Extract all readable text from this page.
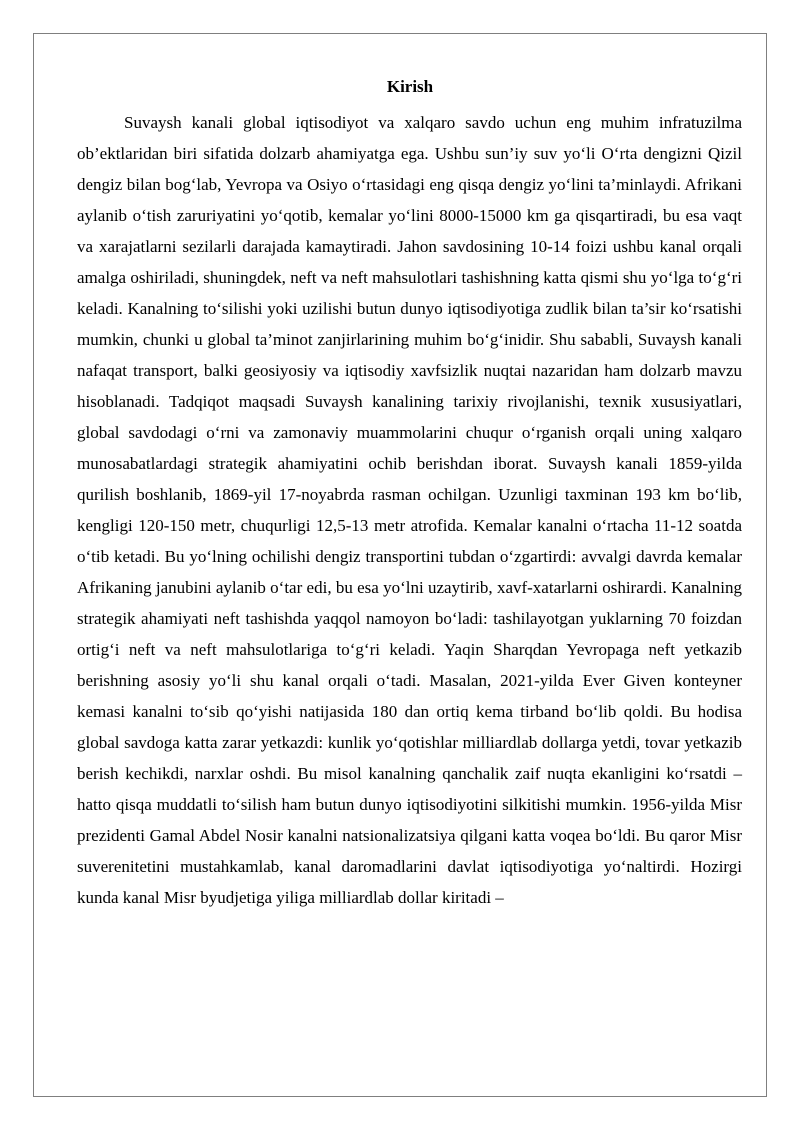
Kirish

Suvaysh kanali global iqtisodiyot va xalqaro savdo uchun eng muhim infratuzilma ob’ektlaridan biri sifatida dolzarb ahamiyatga ega. Ushbu sun’iy suv yo‘li O‘rta dengizni Qizil dengiz bilan bog‘lab, Yevropa va Osiyo o‘rtasidagi eng qisqa dengiz yo‘lini ta’minlaydi. Afrikani aylanib o‘tish zaruriyatini yo‘qotib, kemalar yo‘lini 8000-15000 km ga qisqartiradi, bu esa vaqt va xarajatlarni sezilarli darajada kamaytiradi. Jahon savdosining 10-14 foizi ushbu kanal orqali amalga oshiriladi, shuningdek, neft va neft mahsulotlari tashishning katta qismi shu yo‘lga to‘g‘ri keladi. Kanalning to‘silishi yoki uzilishi butun dunyo iqtisodiyotiga zudlik bilan ta’sir ko‘rsatishi mumkin, chunki u global ta’minot zanjirlarining muhim bo‘g‘inidir. Shu sababli, Suvaysh kanali nafaqat transport, balki geosiyosiy va iqtisodiy xavfsizlik nuqtai nazaridan ham dolzarb mavzu hisoblanadi. Tadqiqot maqsadi Suvaysh kanalining tarixiy rivojlanishi, texnik xususiyatlari, global savdodagi o‘rni va zamonaviy muammolarini chuqur o‘rganish orqali uning xalqaro munosabatlardagi strategik ahamiyatini ochib berishdan iborat. Suvaysh kanali 1859-yilda qurilish boshlanib, 1869-yil 17-noyabrda rasman ochilgan. Uzunligi taxminan 193 km bo‘lib, kengligi 120-150 metr, chuqurligi 12,5-13 metr atrofida. Kemalar kanalni o‘rtacha 11-12 soatda o‘tib ketadi. Bu yo‘lning ochilishi dengiz transportini tubdan o‘zgartirdi: avvalgi davrda kemalar Afrikaning janubini aylanib o‘tar edi, bu esa yo‘lni uzaytirib, xavf-xatarlarni oshirardi. Kanalning strategik ahamiyati neft tashishda yaqqol namoyon bo‘ladi: tashilayotgan yuklarning 70 foizdan ortig‘i neft va neft mahsulotlariga to‘g‘ri keladi. Yaqin Sharqdan Yevropaga neft yetkazib berishning asosiy yo‘li shu kanal orqali o‘tadi. Masalan, 2021-yilda Ever Given konteyner kemasi kanalni to‘sib qo‘yishi natijasida 180 dan ortiq kema tirband bo‘lib qoldi. Bu hodisa global savdoga katta zarar yetkazdi: kunlik yo‘qotishlar milliardlab dollarga yetdi, tovar yetkazib berish kechikdi, narxlar oshdi. Bu misol kanalning qanchalik zaif nuqta ekanligini ko‘rsatdi – hatto qisqa muddatli to‘silish ham butun dunyo iqtisodiyotini silkitishi mumkin. 1956-yilda Misr prezidenti Gamal Abdel Nosir kanalni natsionalizatsiya qilgani katta voqea bo‘ldi. Bu qaror Misr suverenitetini mustahkamlab, kanal daromadlarini davlat iqtisodiyotiga yo‘naltirdi. Hozirgi kunda kanal Misr byudjetiga yiliga milliardlab dollar kiritadi –
